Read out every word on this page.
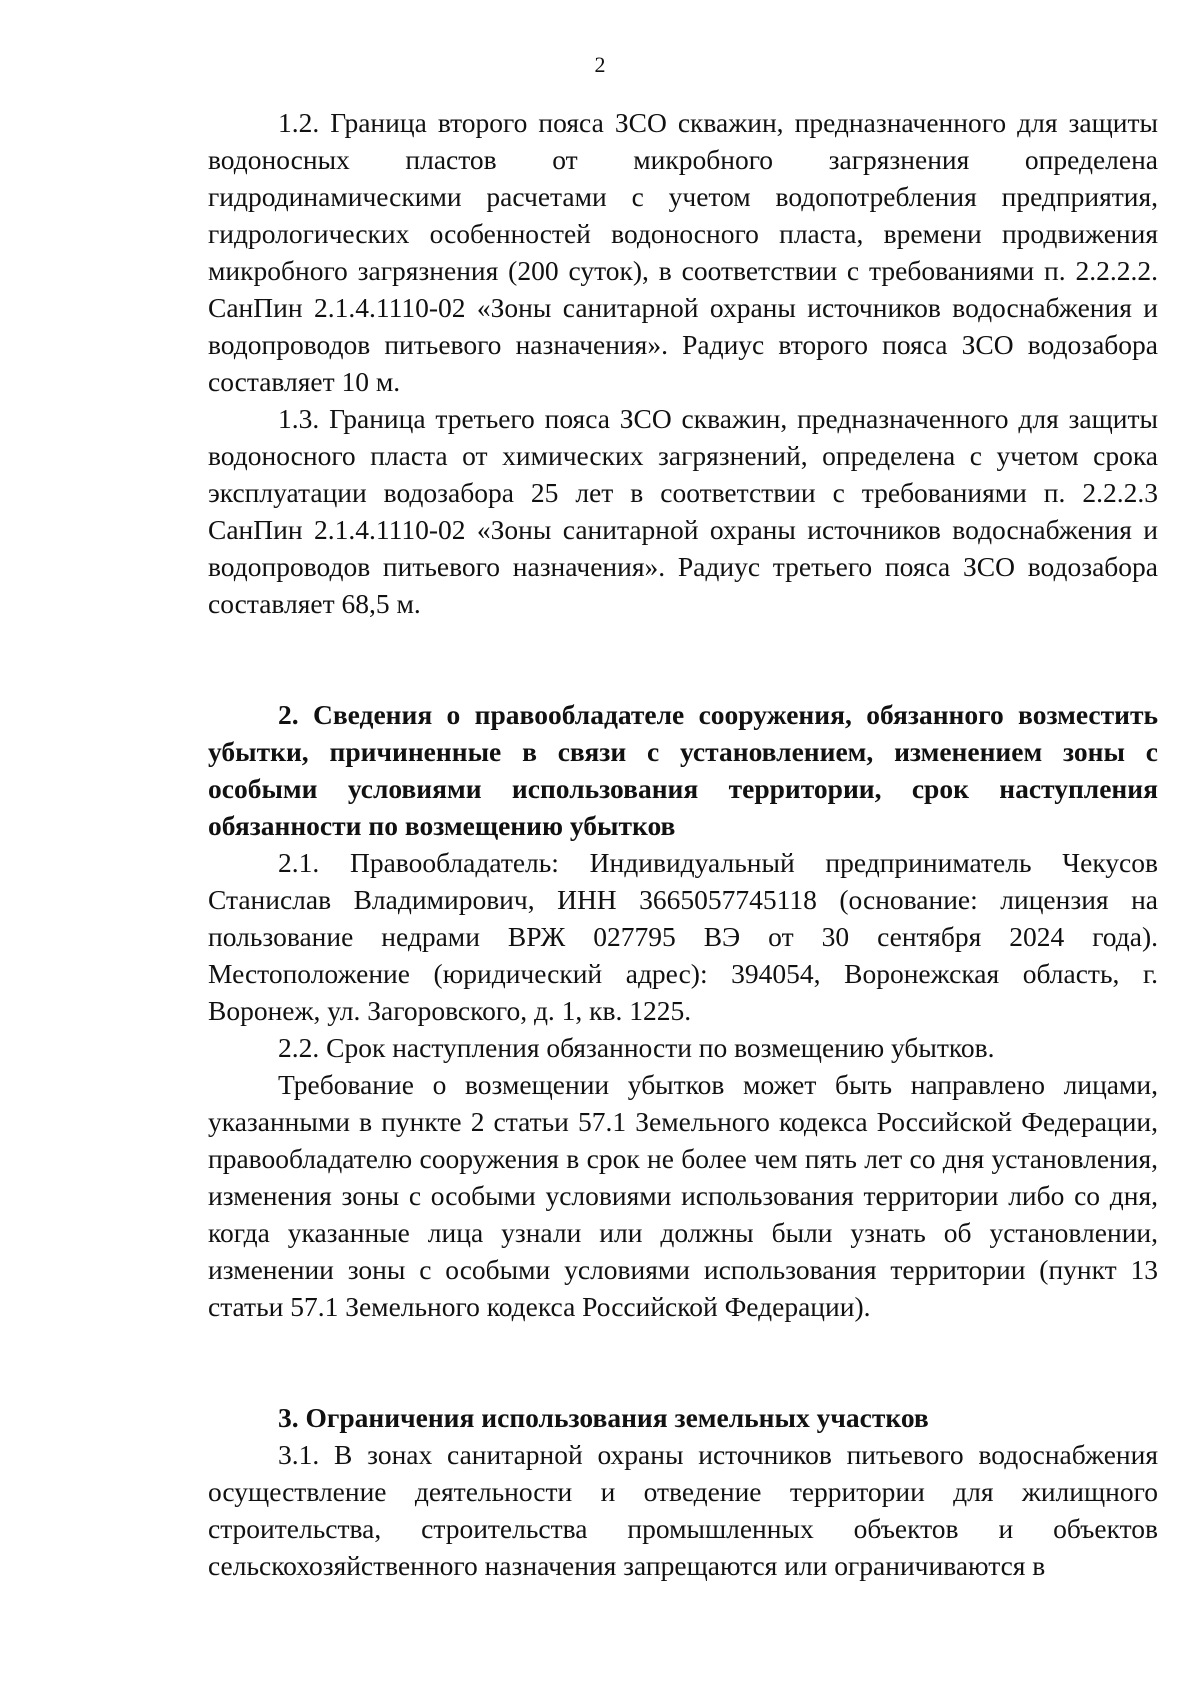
2

1.2. Граница второго пояса ЗСО скважин, предназначенного для защиты водоносных пластов от микробного загрязнения определена гидродинамическими расчетами с учетом водопотребления предприятия, гидрологических особенностей водоносного пласта, времени продвижения микробного загрязнения (200 суток), в соответствии с требованиями п. 2.2.2.2. СанПин 2.1.4.1110-02 «Зоны санитарной охраны источников водоснабжения и водопроводов питьевого назначения». Радиус второго пояса ЗСО водозабора составляет 10 м.

1.3. Граница третьего пояса ЗСО скважин, предназначенного для защиты водоносного пласта от химических загрязнений, определена с учетом срока эксплуатации водозабора 25 лет в соответствии с требованиями п. 2.2.2.3 СанПин 2.1.4.1110-02 «Зоны санитарной охраны источников водоснабжения и водопроводов питьевого назначения». Радиус третьего пояса ЗСО водозабора составляет 68,5 м.

2. Сведения о правообладателе сооружения, обязанного возместить убытки, причиненные в связи с установлением, изменением зоны с особыми условиями использования территории, срок наступления обязанности по возмещению убытков

2.1. Правообладатель: Индивидуальный предприниматель Чекусов Станислав Владимирович, ИНН 3665057745118 (основание: лицензия на пользование недрами ВРЖ 027795 ВЭ от 30 сентября 2024 года). Местоположение (юридический адрес): 394054, Воронежская область, г. Воронеж, ул. Загоровского, д. 1, кв. 1225.

2.2. Срок наступления обязанности по возмещению убытков.

Требование о возмещении убытков может быть направлено лицами, указанными в пункте 2 статьи 57.1 Земельного кодекса Российской Федерации, правообладателю сооружения в срок не более чем пять лет со дня установления, изменения зоны с особыми условиями использования территории либо со дня, когда указанные лица узнали или должны были узнать об установлении, изменении зоны с особыми условиями использования территории (пункт 13 статьи 57.1 Земельного кодекса Российской Федерации).

3. Ограничения использования земельных участков

3.1. В зонах санитарной охраны источников питьевого водоснабжения осуществление деятельности и отведение территории для жилищного строительства, строительства промышленных объектов и объектов сельскохозяйственного назначения запрещаются или ограничиваются в
